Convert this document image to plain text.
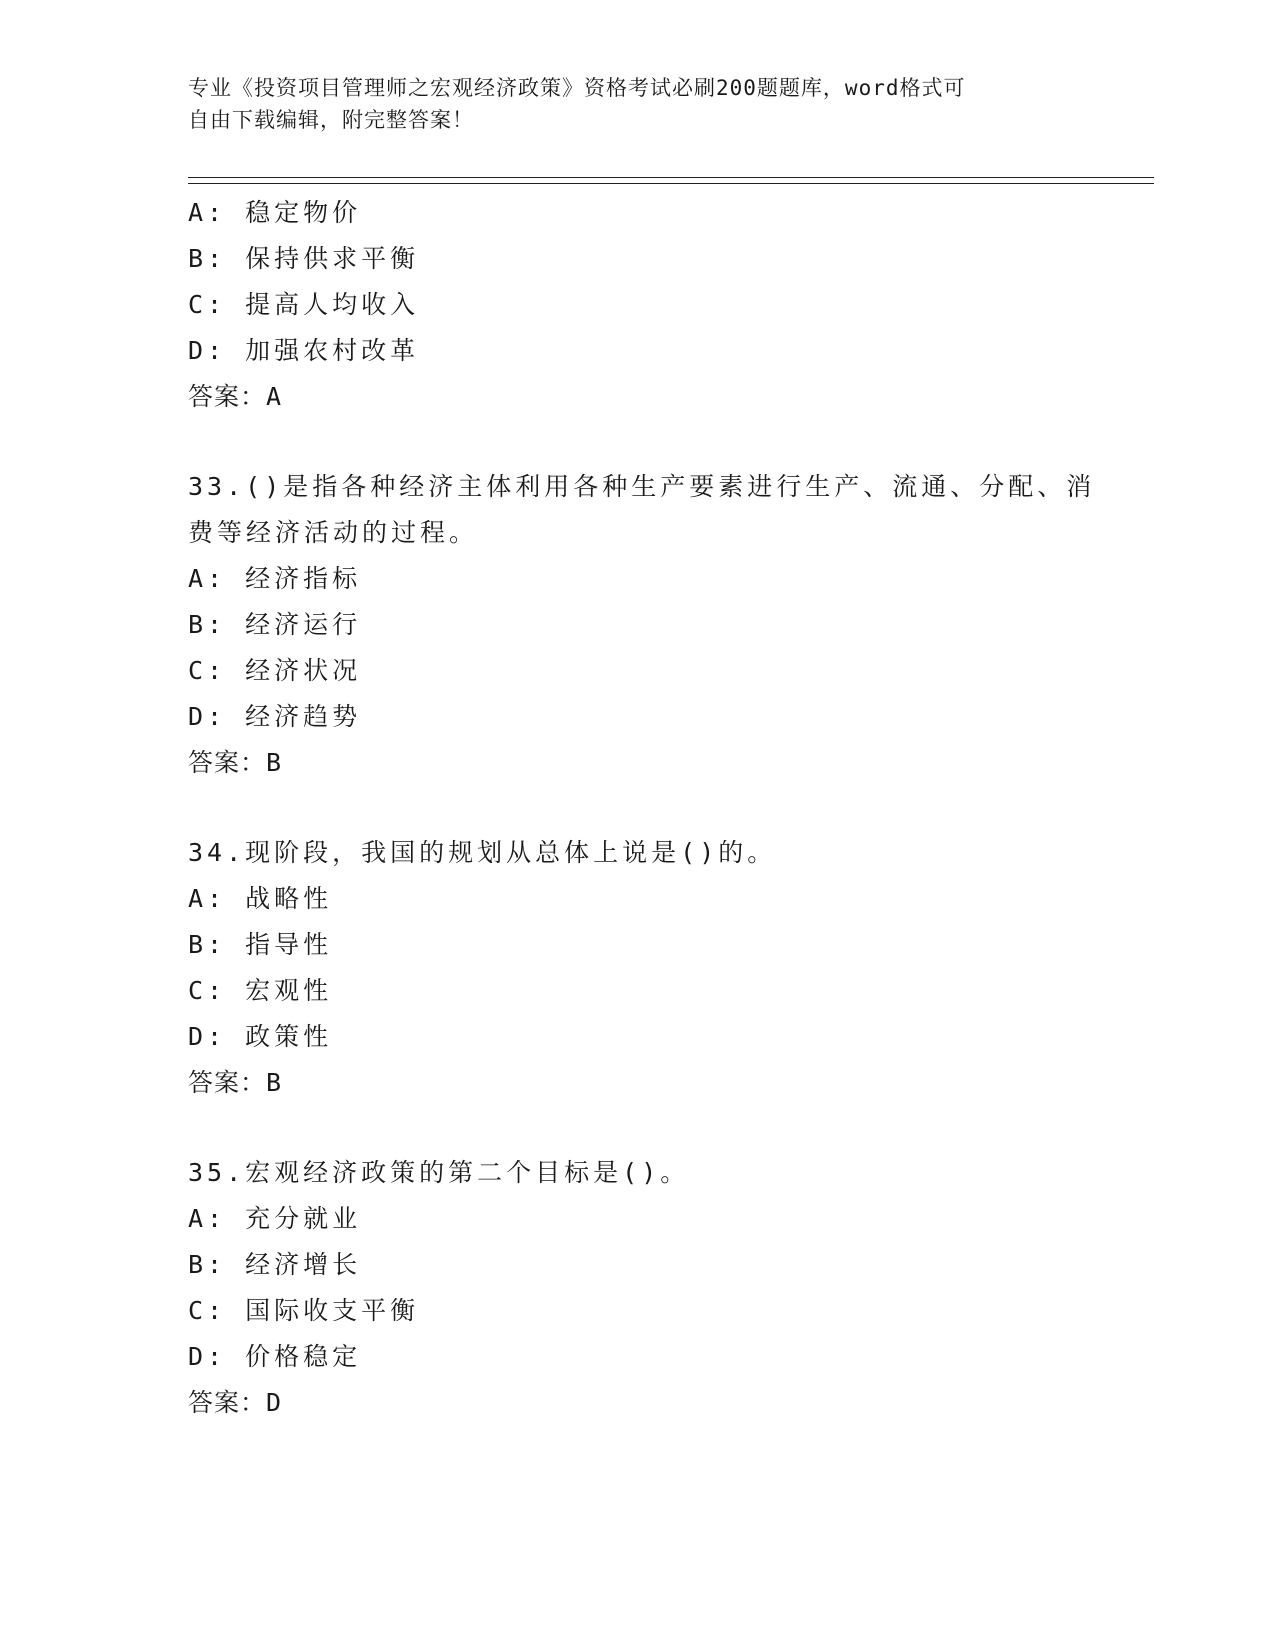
专业《投资项目管理师之宏观经济政策》资格考试必刷200题题库，word格式可
自由下载编辑，附完整答案！
A: 稳定物价
B: 保持供求平衡
C: 提高人均收入
D: 加强农村改革
答案：A
33.()是指各种经济主体利用各种生产要素进行生产、流通、分配、消
费等经济活动的过程。
A: 经济指标
B: 经济运行
C: 经济状况
D: 经济趋势
答案：B
34.现阶段，我国的规划从总体上说是()的。
A: 战略性
B: 指导性
C: 宏观性
D: 政策性
答案：B
35.宏观经济政策的第二个目标是()。
A: 充分就业
B: 经济增长
C: 国际收支平衡
D: 价格稳定
答案：D
